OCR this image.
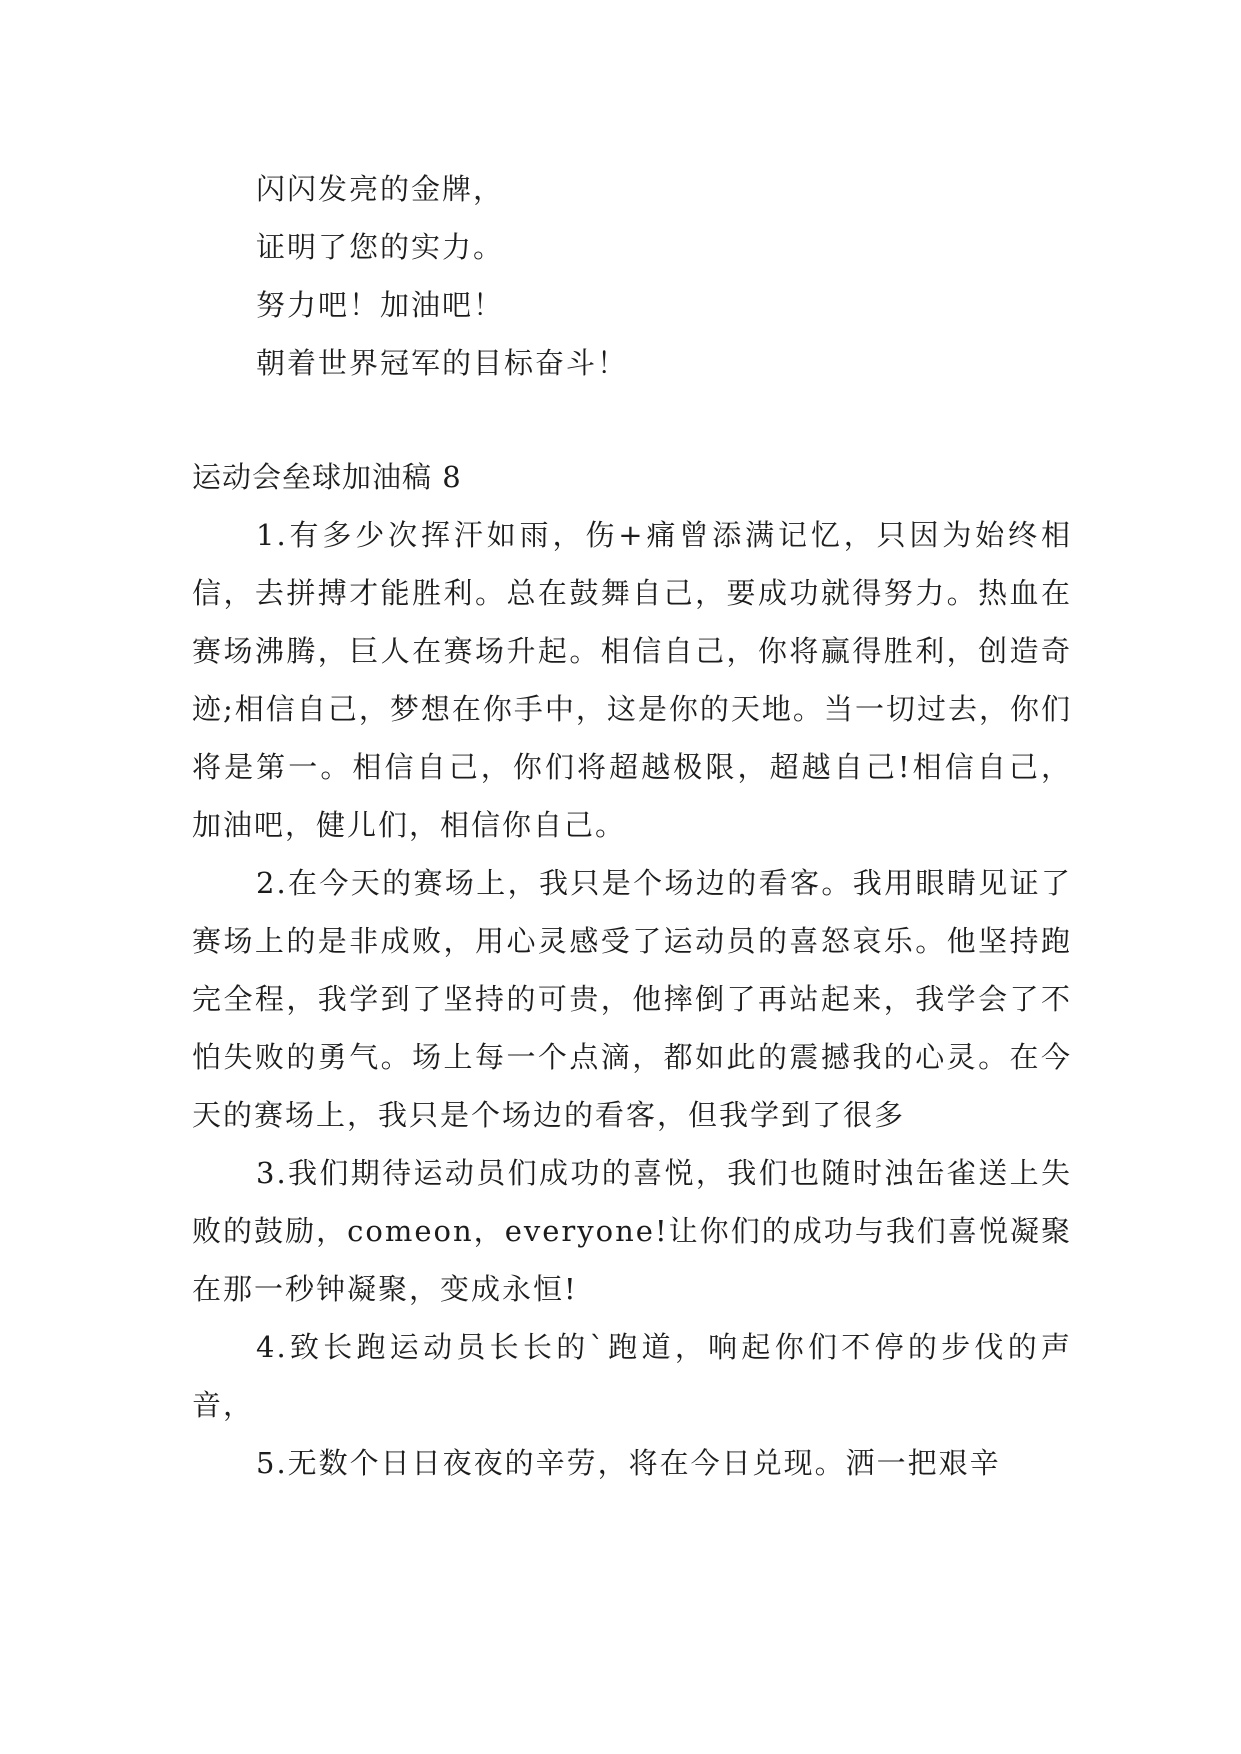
闪闪发亮的金牌，
证明了您的实力。
努力吧！加油吧！
朝着世界冠军的目标奋斗！
运动会垒球加油稿 8

1.有多少次挥汗如雨，伤+痛曾添满记忆，只因为始终相信，去拼搏才能胜利。总在鼓舞自己，要成功就得努力。热血在赛场沸腾，巨人在赛场升起。相信自己，你将赢得胜利，创造奇迹;相信自己，梦想在你手中，这是你的天地。当一切过去，你们将是第一。相信自己，你们将超越极限，超越自己!相信自己，加油吧，健儿们，相信你自己。

2.在今天的赛场上，我只是个场边的看客。我用眼睛见证了赛场上的是非成败，用心灵感受了运动员的喜怒哀乐。他坚持跑完全程，我学到了坚持的可贵，他摔倒了再站起来，我学会了不怕失败的勇气。场上每一个点滴，都如此的震撼我的心灵。在今天的赛场上，我只是个场边的看客，但我学到了很多

3.我们期待运动员们成功的喜悦，我们也随时浊缶雀送上失败的鼓励，comeon，everyone!让你们的成功与我们喜悦凝聚在那一秒钟凝聚，变成永恒!

4.致长跑运动员长长的`跑道，响起你们不停的步伐的声音，

5.无数个日日夜夜的辛劳，将在今日兑现。洒一把艰辛
